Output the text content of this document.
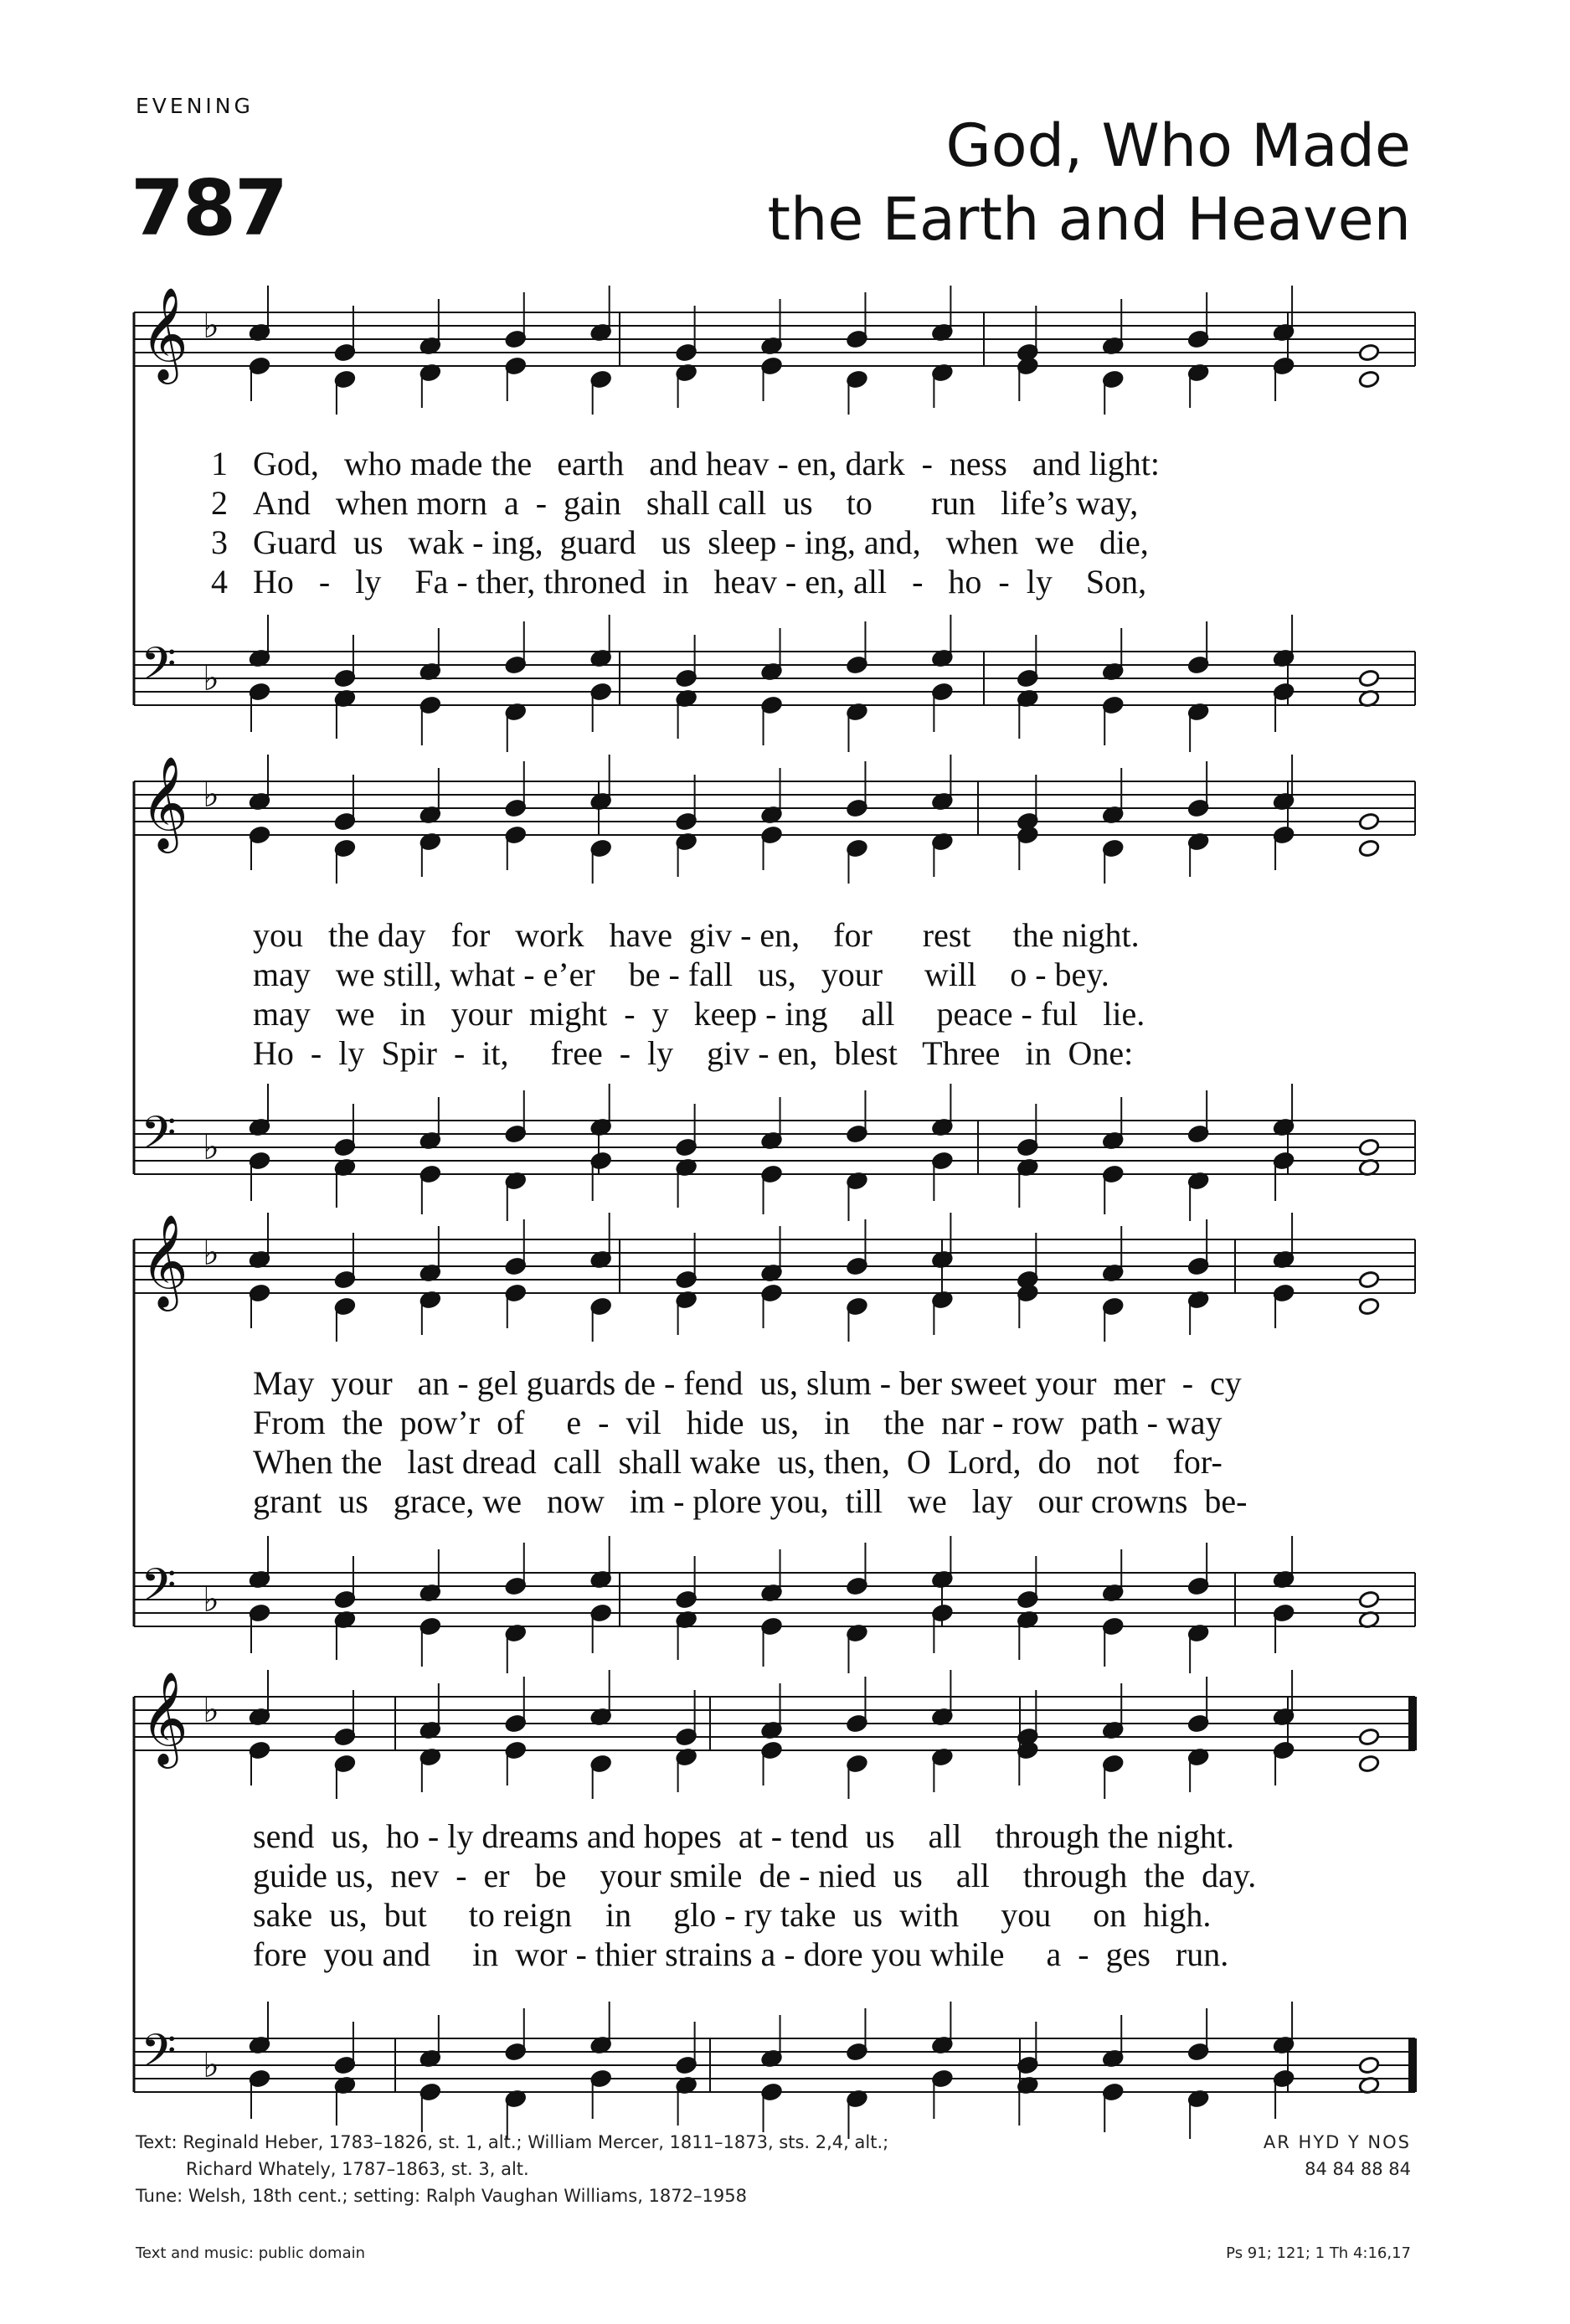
EVENING
787
God, Who Made
the Earth and Heaven
𝄞 ♭
𝄢 ♭
𝄞 ♭
𝄢 ♭
𝄞 ♭
𝄢 ♭
𝄞 ♭
𝄢 ♭
1 God,   who made the   earth   and heav - en, dark  -  ness   and light:
2 And   when morn  a  -  gain   shall call  us    to       run   life’s way,
3 Guard  us   wak - ing,  guard   us  sleep - ing, and,   when  we   die,
4 Ho   -   ly    Fa - ther, throned  in   heav - en, all   -   ho  -  ly    Son,
you   the day   for   work   have  giv - en,    for      rest     the night.
may   we still, what - e’er    be - fall   us,   your     will    o - bey.
may   we   in   your  might  -  y   keep - ing    all     peace - ful   lie.
Ho  -  ly  Spir  -  it,     free  -  ly    giv - en,  blest   Three   in  One:
May  your   an - gel guards de - fend  us, slum - ber sweet your  mer  -  cy
From  the  pow’r  of     e  -  vil   hide  us,   in    the  nar - row  path - way
When the   last dread  call  shall wake  us, then,  O  Lord,  do   not    for-
grant  us   grace, we   now   im - plore you,  till   we   lay   our crowns  be-
send  us,  ho - ly dreams and hopes  at - tend  us    all    through the night.
guide us,  nev  -  er   be    your smile  de - nied  us    all    through  the  day.
sake  us,  but     to reign    in     glo - ry take  us  with     you     on  high.
fore  you and     in  wor - thier strains a - dore you while     a  -  ges   run.
Text: Reginald Heber, 1783–1826, st. 1, alt.; William Mercer, 1811–1873, sts. 2,4, alt.;
Richard Whately, 1787–1863, st. 3, alt.
Tune: Welsh, 18th cent.; setting: Ralph Vaughan Williams, 1872–1958
AR HYD Y NOS
84 84 88 84
Text and music: public domain	Ps 91; 121; 1 Th 4:16,17
